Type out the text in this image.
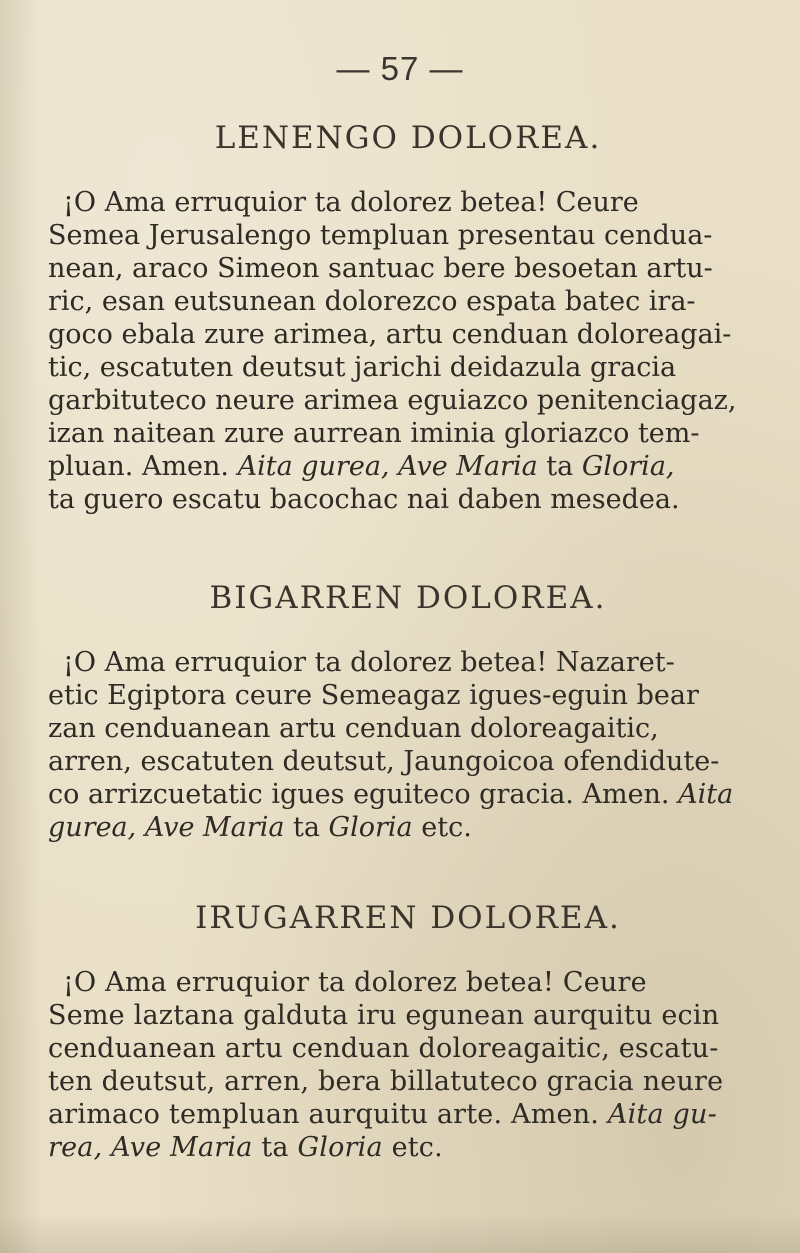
— 57 —
LENENGO DOLOREA.
¡O Ama erruquior ta dolorez betea! Ceure
Semea Jerusalengo templuan presentau cendua-
nean, araco Simeon santuac bere besoetan artu-
ric, esan eutsunean dolorezco espata batec ira-
goco ebala zure arimea, artu cenduan doloreagai-
tic, escatuten deutsut jarichi deidazula gracia
garbituteco neure arimea eguiazco penitenciagaz,
izan naitean zure aurrean iminia gloriazco tem-
pluan. Amen. Aita gurea, Ave Maria ta Gloria,
ta guero escatu bacochac nai daben mesedea.
BIGARREN DOLOREA.
¡O Ama erruquior ta dolorez betea! Nazaret-
etic Egiptora ceure Semeagaz igues-eguin bear
zan cenduanean artu cenduan doloreagaitic,
arren, escatuten deutsut, Jaungoicoa ofendidute-
co arrizcuetatic igues eguiteco gracia. Amen. Aita
gurea, Ave Maria ta Gloria etc.
IRUGARREN DOLOREA.
¡O Ama erruquior ta dolorez betea! Ceure
Seme laztana galduta iru egunean aurquitu ecin
cenduanean artu cenduan doloreagaitic, escatu-
ten deutsut, arren, bera billatuteco gracia neure
arimaco templuan aurquitu arte. Amen. Aita gu-
rea, Ave Maria ta Gloria etc.
